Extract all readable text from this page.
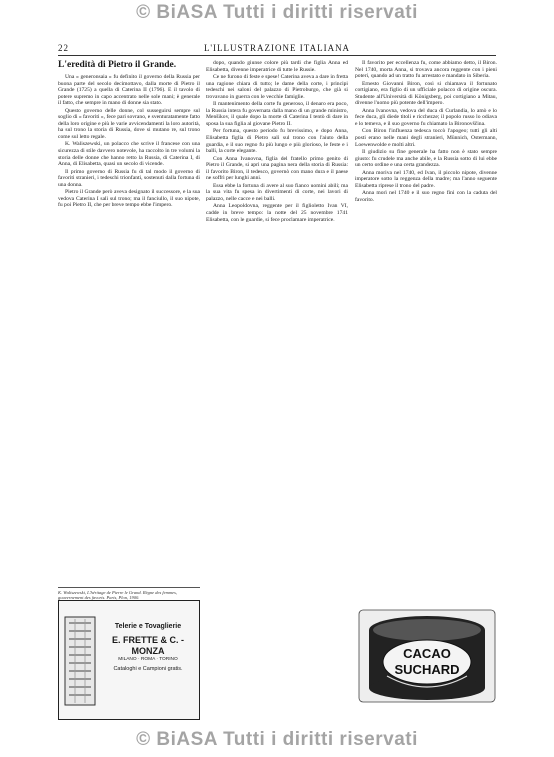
© BiASA Tutti i diritti riservati
22	L'ILLUSTRAZIONE ITALIANA
L'eredità di Pietro il Grande.

Una « generonsaia » fu definito il governo della Russia per buona parte del secolo decimottavo, dalla morte di Pietro il Grande (1725) a quella di Caterina II (1796). E il tavolo di potere supremo in capo accentrato nelle sole mani; è generale il fatto, che sempre in mano di donne sia stato.

Questo governo delle donne, col susseguirsi sempre sul soglio di « favoriti », fece pari sovrano, e sventuratamente fatto della loro origine e più le varie avvicendamenti la loro autorità, ha sul trono la storia di Russia, dove si mutano re, sul trono come sul letto regale.

K. Waliszewski, un polacco che scrive il francese con una sicurezza di stile davvero notevole, ha raccolto in tre volumi la storia delle donne che hanno retto la Russia, di Caterina I, di Anna, di Elisabetta, quasi un secolo di vicende.

Il primo governo di Russia fu di tal modo il governo di favoriti stranieri, i tedeschi trionfanti, sostenuti dalla fortuna di una donna.

Pietro il Grande però aveva designato il successore, e la sua vedova Caterina I salì sul trono; ma il fanciullo, il suo nipote, fu poi Pietro II, che per breve tempo ebbe l'impero.

K. Waliszewski, L'héritage de Pierre le Grand. Règne des femmes, gouvernement des favoris. Paris, Plon, 1900.
Telerie e Tovaglierie
E. FRETTE & C. - MONZA
MILANO · ROMA · TORINO
Cataloghi e Campioni gratis.

dopo, quando giunse colore più tardi che figlia Anna ed Elisabetta, divenne imperatrice di tutte le Russie.

Ce ne furono di feste e spese! Caterina aveva a dare in fretta una ragione chiara di tutto; le dame della corte, i principi tedeschi nei saloni del palazzo di Pietroburgo, che già si trovavano in guerra con le vecchie famiglie.

Il mantenimento della corte fu generoso, il denaro era poco, la Russia intera fu governata dalla mano di un grande ministro, Menšikov, il quale dopo la morte di Caterina I tentò di dare in sposa la sua figlia al giovane Pietro II.

Per fortuna, questo periodo fu brevissimo, e dopo Anna, Elisabetta figlia di Pietro salì sul trono con l'aiuto della guardia, e il suo regno fu più lungo e più glorioso, le feste e i balli, la corte elegante.

Con Anna Ivanovna, figlia del fratello primo genito di Pietro il Grande, si aprì una pagina nera della storia di Russia: il favorito Biron, il tedesco, governò con mano dura e il paese ne soffrì per lunghi anni.

Essa ebbe la fortuna di avere al suo fianco uomini abili; ma la sua vita fu spesa in divertimenti di corte, nei lavori di palazzo, nelle cacce e nei balli.

Anna Leopoldovna, reggente per il figlioletto Ivan VI, cadde in breve tempo: la notte del 25 novembre 1741 Elisabetta, con le guardie, si fece proclamare imperatrice.

Il favorito per eccellenza fu, come abbiamo detto, il Biron. Nel 1740, morta Anna, si trovava ancora reggente con i pieni poteri, quando ad un tratto fu arrestato e mandato in Siberia.

Ernesto Giovanni Biron, così si chiamava il fortunato cortigiano, era figlio di un ufficiale polacco di origine oscura. Studente all'Università di Königsberg, poi cortigiano a Mitau, divenne l'uomo più potente dell'impero.

Anna Ivanovna, vedova del duca di Curlandia, lo amò e lo fece duca, gli diede titoli e ricchezze; il popolo russo lo odiava e lo temeva, e il suo governo fu chiamato la Bironovščina.

Con Biron l'influenza tedesca toccò l'apogeo; tutti gli alti posti erano nelle mani degli stranieri, Münnich, Ostermann, Loewenwolde e molti altri.

Il giudizio su fine generale ha fatto non è stato sempre giusto: fu crudele ma anche abile, e la Russia sotto di lui ebbe un certo ordine e una certa grandezza.

Anna moriva nel 1740, ed Ivan, il piccolo nipote, divenne imperatore sotto la reggenza della madre; ma l'anno seguente Elisabetta riprese il trono del padre.

Anna morì nel 1740 e il suo regno finì con la caduta del favorito.

CACAO
SUCHARD
© BiASA Tutti i diritti riservati
